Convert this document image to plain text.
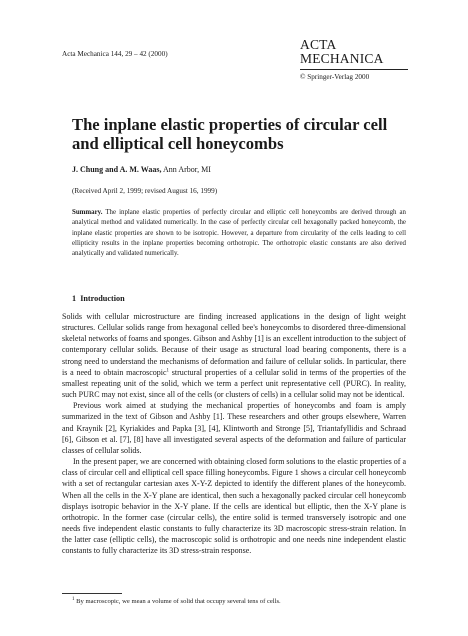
Acta Mechanica 144, 29 – 42 (2000)
ACTA MECHANICA
© Springer-Verlag 2000
The inplane elastic properties of circular cell and elliptical cell honeycombs
J. Chung and A. M. Waas, Ann Arbor, MI
(Received April 2, 1999; revised August 16, 1999)
Summary. The inplane elastic properties of perfectly circular and elliptic cell honeycombs are derived through an analytical method and validated numerically. In the case of perfectly circular cell hexagonally packed honeycomb, the inplane elastic properties are shown to be isotropic. However, a departure from circularity of the cells leading to cell ellipticity results in the inplane properties becoming orthotropic. The orthotropic elastic constants are also derived analytically and validated numerically.
1 Introduction

Solids with cellular microstructure are finding increased applications in the design of light weight structures. Cellular solids range from hexagonal celled bee's honeycombs to disordered three-dimensional skeletal networks of foams and sponges. Gibson and Ashby [1] is an excellent introduction to the subject of contemporary cellular solids. Because of their usage as structural load bearing components, there is a strong need to understand the mechanisms of deformation and failure of cellular solids. In particular, there is a need to obtain macroscopic$^1$ structural properties of a cellular solid in terms of the properties of the smallest repeating unit of the solid, which we term a perfect unit representative cell (PURC). In reality, such PURC may not exist, since all of the cells (or clusters of cells) in a cellular solid may not be identical.

Previous work aimed at studying the mechanical properties of honeycombs and foam is amply summarized in the text of Gibson and Ashby [1]. These researchers and other groups elsewhere, Warren and Kraynik [2], Kyriakides and Papka [3], [4], Klintworth and Stronge [5], Triantafyllidis and Schraad [6], Gibson et al. [7], [8] have all investigated several aspects of the deformation and failure of particular classes of cellular solids.

In the present paper, we are concerned with obtaining closed form solutions to the elastic properties of a class of circular cell and elliptical cell space filling honeycombs. Figure 1 shows a circular cell honeycomb with a set of rectangular cartesian axes X-Y-Z depicted to identify the different planes of the honeycomb. When all the cells in the X-Y plane are identical, then such a hexagonally packed circular cell honeycomb displays isotropic behavior in the X-Y plane. If the cells are identical but elliptic, then the X-Y plane is orthotropic. In the former case (circular cells), the entire solid is termed transversely isotropic and one needs five independent elastic constants to fully characterize its 3D macroscopic stress-strain relation. In the latter case (elliptic cells), the macroscopic solid is orthotropic and one needs nine independent elastic constants to fully characterize its 3D stress-strain response.

$^1$ By macroscopic, we mean a volume of solid that occupy several tens of cells.
